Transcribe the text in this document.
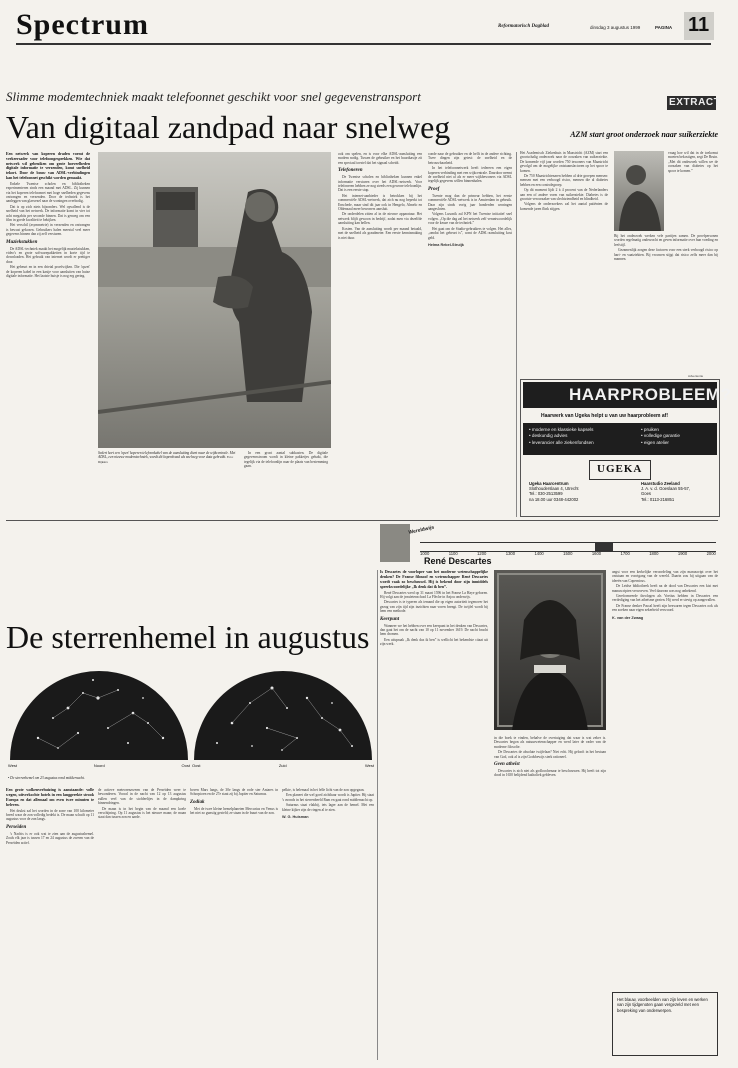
Spectrum	Reformatorisch Dagblad	dinsdag 3 augustus 1999	PAGINA 11
Slimme modemtechniek maakt telefoonnet geschikt voor snel gegevenstransport
Van digitaal zandpad naar snelweg

Een netwerk van koperen draden vormt de verkeersader voor telefoongesprekken. Wie dat netwerk wil gebruiken om grote hoeveelheden digitale informatie te verzenden, komt snelheid tekort. Door de bouw van ADSL-verbindingen kan het telefoonnet geschikt worden gemaakt.

Enkele Twentse scholen en bibliotheken experimenteren sinds een maand met ADSL. Zij kunnen via het koperen telefoonnet met hoge snelheden gegevens ontvangen en verzenden. Door de techniek is het aanleggen van glasvezel naar de woningen overbodig.

Dat is op zich niets bijzonders. Wel opvallend is de snelheid van het netwerk. De informatie komt in vier tot acht megabits per seconde binnen. Dat is genoeg om een film in goede kwaliteit te bekijken.

Het verschil (asymmetrie) in verzenden en ontvangen is bewust gekozen. Gebruikers halen meestal veel meer gegevens binnen dan zij zelf versturen.

Muziekstukken

De ADSL-techniek maakt het mogelijk muziekstukken, video's en grote softwarepakketten in korte tijd te downloaden. Het gebruik van internet wordt er prettiger door.

Het gebeurt en in een drietal proefwijken. Die 'opzet' de koperen kabel in een kastje voor aansluiten van huize digitale informatie. Het laatste huisje is nog erg gering.

Sedert kort een 'open' koperen telefoonkabel van de aansluiting dient naar de wijkcentrale. Met ADSL, een nieuwe modemtechniek, wordt dit koperdraad als snelweg voor data gebruikt. Foto: Dijkstra

In een groot aantal subkasten. De digitale gegevensstroom wordt in kleine pakketjes gehakt, die tegelijk via de telefoonlijn naar de plaats van bestemming gaan.

ook om spelen, en is voor elke ADSL-aansluiting een modem nodig. Tussen de gebruiker en het buurtkastje zit een speciaal toestel dat het signaal scheidt.

Telefoneren

De Twentse scholen en bibliotheken kunnen enkel informatie versturen over het ADSL-netwerk. Voor telefoneren hebben ze nog steeds een gewone telefoonlijn. Dat is een eerste stap.

Het internet-aanbieder is betrokken bij het commerciële ADSL-netwerk, dat zich nu nog beperkt tot Enschede, maar sind dit jaar ook in Hengelo, Almelo en Oldenzaal meer bewoners aansluit.

De onderdelen zitten al in de nieuwe apparatuur. Het netwerk blijft gewoon in bedrijf, zodat men via dezelfde aansluiting kan bellen.

Kosten. Van de aansluiting wordt per maand betaald, met de snelheid als graadmeter. Een eerste kennismaking is niet duur.

conde naar de gebruiker en de helft in de andere richting. Twee dingen zijn getest: de snelheid en de betrouwbaarheid.

In het telefoonnetwerk heeft iedereen een eigen koperen verbinding met een wijkcentrale. Daardoor neemt de snelheid niet af als er meer wijkbewoners via ADSL tegelijk gegevens willen binnenhalen.

Proef

Twente mag dan de primeur hebben, het eerste commerciële ADSL-netwerk is in Amsterdam in gebruik. Daar zijn sinds vorig jaar honderden woningen aangesloten.

Volgens Lusonik zal KPN het Twentse initiatief snel volgen. „Op die dag zal het netwerk zelf verantwoordelijk voor de keuze van de techniek.”

Het gaat om de Studio-gebruikers te volgen. Het alles, „omdat het gebeurt is”, want de ADSL-aansluiting kost geld.

Helma Rebel-Struijk
EXTRACT
AZM start groot onderzoek naar suikerziekte

Het Academisch Ziekenhuis in Maastricht (AZM) start een grootschalig onderzoek naar de oorzaken van suikerziekte. De komende vijf jaar worden 750 inwoners van Maastricht gevolgd om de mogelijke ontstaansfactoren op het spoor te komen.

De 750 Maastrichtenaren hebben al drie groepen mensen: mensen met een verhoogd risico, mensen die al diabetes hebben en een controlegroep.

Op dit moment lijdt 2 à 4 procent van de Nederlanders aan een of andere vorm van suikerziekte. Diabetes is de grootste veroorzaker van slechtziendheid en blindheid.

Volgens de onderzoekers zal het aantal patiënten de komende jaren flink stijgen.

vraag hoe wil dat in de toekomst moeten bekostigen, zegt De Bruin. „Met dit onderzoek willen we de oorzaken van diabetes op het spoor te komen.”

Bij het onderzoek werken vele partijen samen. De proefpersonen worden regelmatig onderzocht en geven informatie over hun voeding en leefstijl.

Gezamenlijk zorgen deze factoren voor een sterk verhoogd risico op hart- en vaatziekten. Bij vrouwen stijgt dat risico zelfs meer dan bij mannen.

Advertentie
HAARPROBLEEM?
Haarwerk van Ugeka helpt u van uw haarprobleem af!
• moderne en klassieke kapsels
• deskundig advies
• leverancier alle ziekenfondsen
• pruiken
• volledige garantie
• eigen atelier
UGEKA
Ugeka Haarcentrum
Slothouderslaan 4, Utrecht
Tel.: 030-2513599
na 18.00 uur 0348-442002
Haarstudio Zeeland
J. A. v. d. Goeslaan 55-57,
Goes
Tel.: 0113-216851
Wereldwijs
1000	1100	1200	1300	1400	1500	1600	1700	1800	1900	2000
René Descartes

Is Descartes de voorloper van het moderne wetenschappelijke denken? De Franse filosoof en wetenschapper René Descartes wordt vaak zo beschouwd. Hij is bekend door zijn inmiddels spreekwoordelijke „Ik denk dat ik ben”.

René Descartes werd op 31 maart 1596 in het Franse La Haye geboren. Hij volgt aan de jezuïetenschool La Flèche in Anjou onderwijs.

Descartes is te typeren als iemand die op eigen autoriteit tegenover het gezag van zijn tijd zijn inzichten naar voren brengt. De twijfel wordt bij hem een methode.

Keerpunt

Wanneer we het hebben over een keerpunt in het denken van Descartes, dan gaat het om de nacht van 10 op 11 november 1619. De nacht bracht hem dromen.

Een uitspraak „Ik denk dus ik ben” is wellicht het bekendste citaat uit zijn werk.

in die boek te vinden, behalve de overtuiging dat waar is wat zeker is. Descartes begon als natuurwetenschapper en werd later de vader van de moderne filosofie.

De Descartes de absolute twijfelaar? Niet echt. Hij gelooft in het bestaan van God, ook al is zijn Godsbewijs sterk rationeel.

Geen atheïst

Descartes is zich niet als godloochenaar te beschouwen. Hij heeft tot zijn dood in 1650 belijdend katholiek gebleven.

angst voor een kerkelijke veroordeling van zijn manuscript over het ontstaan en voortgang van de wereld. Daarin zou hij uitgaan van de ideeën van Copernicus.

De Leidse bibliotheek heeft na de dood van Descartes een kist met manuscripten verworven. Veel daarvan was nog onbekend.

Gereformeerde theologen als Voetius hebben in Descartes een verdediging van het atheïsme gezien. Hij werd er stevig op aangevallen.

De Franse denker Pascal heeft zijn bezwaren tegen Descartes ook als een zoeken naar eigen zekerheid verwoord.

K. van der Zwaag
Het blauw, voorbeelden van zijn leven en werken van zijn tijdgenoten gaan vergezeld met een bespreking van onderwerpen.
De sterrenhemel in augustus
West	Noord	Oost Oost	Zuid	West
• De sterrenhemel om 23 augustus rond middernacht.

Een grote wolkenverhuizing is aanstaande: volle wegen, uitverkochte hotels in een langgerekte strook Europa en dat allemaal om even twee minuten te beleven.

Het drukst zal het worden in de zone van 100 kilometer breed waar de zon volledig bedekt is. De maan schuift op 11 augustus voor de zon langs.

Perseïden

's Nachts is er ook wat te zien aan de augustushemel. Zoals elk jaar is tussen 17 en 24 augustus de zwerm van de Perseïden actief.

de actieve meteorenzwerm van de Perseïden weer te bewonderen. Vooral in de nacht van 12 op 13 augustus zullen veel van de stofdeeltjes in de dampkring binnendringen.

De maan is in het begin van de maand een koele verschijning. Op 11 augustus is het nieuwe maan; de maan staat dan tussen zon en aarde.

boven Mars langs, de 30e langs de rode ster Antares in Schorpioen en de 27e staat zij bij Jupiter en Saturnus.

Zodiak

Met de twee kleine hemelplaneten Mercurius en Venus is het niet zo gunstig gesteld; ze staan in de buurt van de zon.

pelkte, is helemaal in het felle licht van de zon opgegaan.

Een planeet die wel goed zichtbaar wordt is Jupiter. Hij staat 's avonds in het sterrenbeeld Ram en gaat rond middernacht op.

Saturnus staat vlakbij, iets lager aan de hemel. Met een kleine kijker zijn de ringen al te zien.

W. G. Huisman
